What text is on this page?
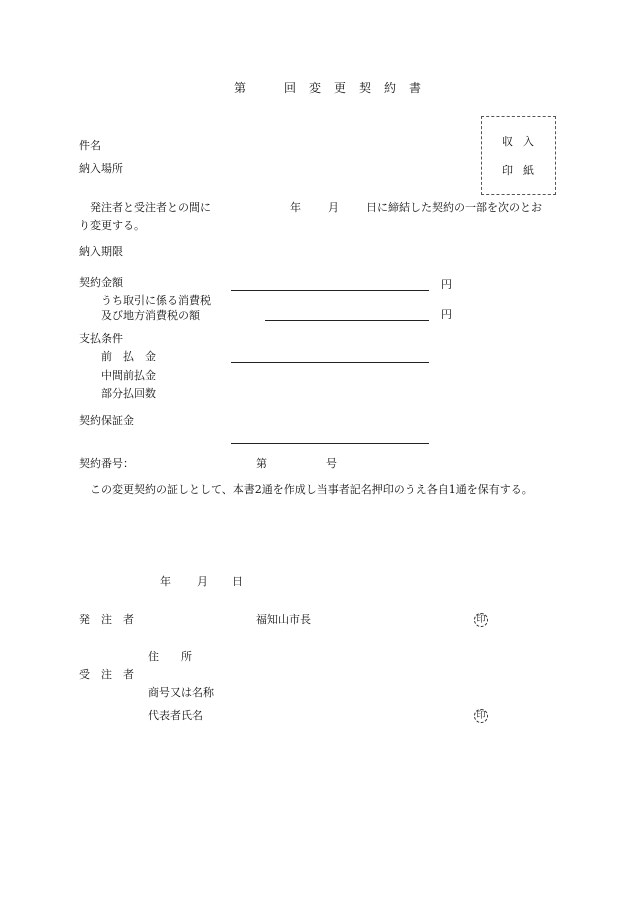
第　回変更契約書
収入
印紙
件名
納入場所
発注者と受注者との間に	年 月 日に締結した契約の一部を次のとお
り変更する。
納入期限
契約金額	円
うち取引に係る消費税
及び地方消費税の額	円
支払条件
前　払　金
中間前払金
部分払回数
契約保証金
契約番号：	第	号
この変更契約の証しとして、本書2通を作成し当事者記名押印のうえ各自1通を保有する。
年 月 日
発　注　者	福知山市長	印
住　　所
受　注　者
商号又は名称
代表者氏名	印
